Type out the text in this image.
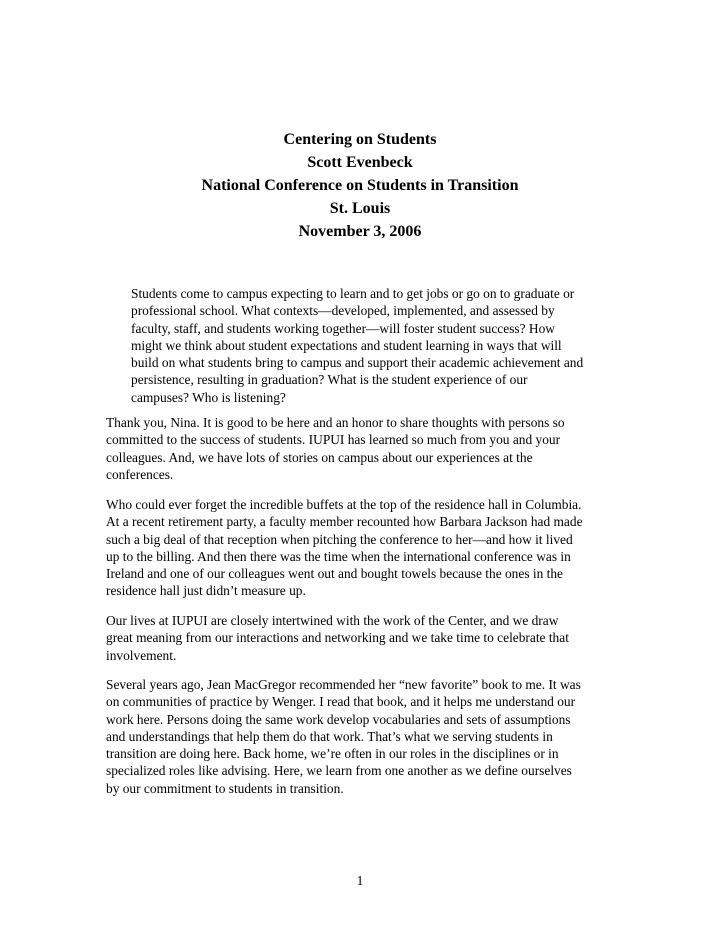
Centering on Students
Scott Evenbeck
National Conference on Students in Transition
St. Louis
November 3, 2006
Students come to campus expecting to learn and to get jobs or go on to graduate or
professional school. What contexts—developed, implemented, and assessed by
faculty, staff, and students working together—will foster student success? How
might we think about student expectations and student learning in ways that will
build on what students bring to campus and support their academic achievement and
persistence, resulting in graduation? What is the student experience of our
campuses? Who is listening?
Thank you, Nina. It is good to be here and an honor to share thoughts with persons so
committed to the success of students. IUPUI has learned so much from you and your
colleagues. And, we have lots of stories on campus about our experiences at the
conferences.
Who could ever forget the incredible buffets at the top of the residence hall in Columbia.
At a recent retirement party, a faculty member recounted how Barbara Jackson had made
such a big deal of that reception when pitching the conference to her—and how it lived
up to the billing. And then there was the time when the international conference was in
Ireland and one of our colleagues went out and bought towels because the ones in the
residence hall just didn’t measure up.
Our lives at IUPUI are closely intertwined with the work of the Center, and we draw
great meaning from our interactions and networking and we take time to celebrate that
involvement.
Several years ago, Jean MacGregor recommended her “new favorite” book to me. It was
on communities of practice by Wenger. I read that book, and it helps me understand our
work here. Persons doing the same work develop vocabularies and sets of assumptions
and understandings that help them do that work. That’s what we serving students in
transition are doing here. Back home, we’re often in our roles in the disciplines or in
specialized roles like advising. Here, we learn from one another as we define ourselves
by our commitment to students in transition.
1
